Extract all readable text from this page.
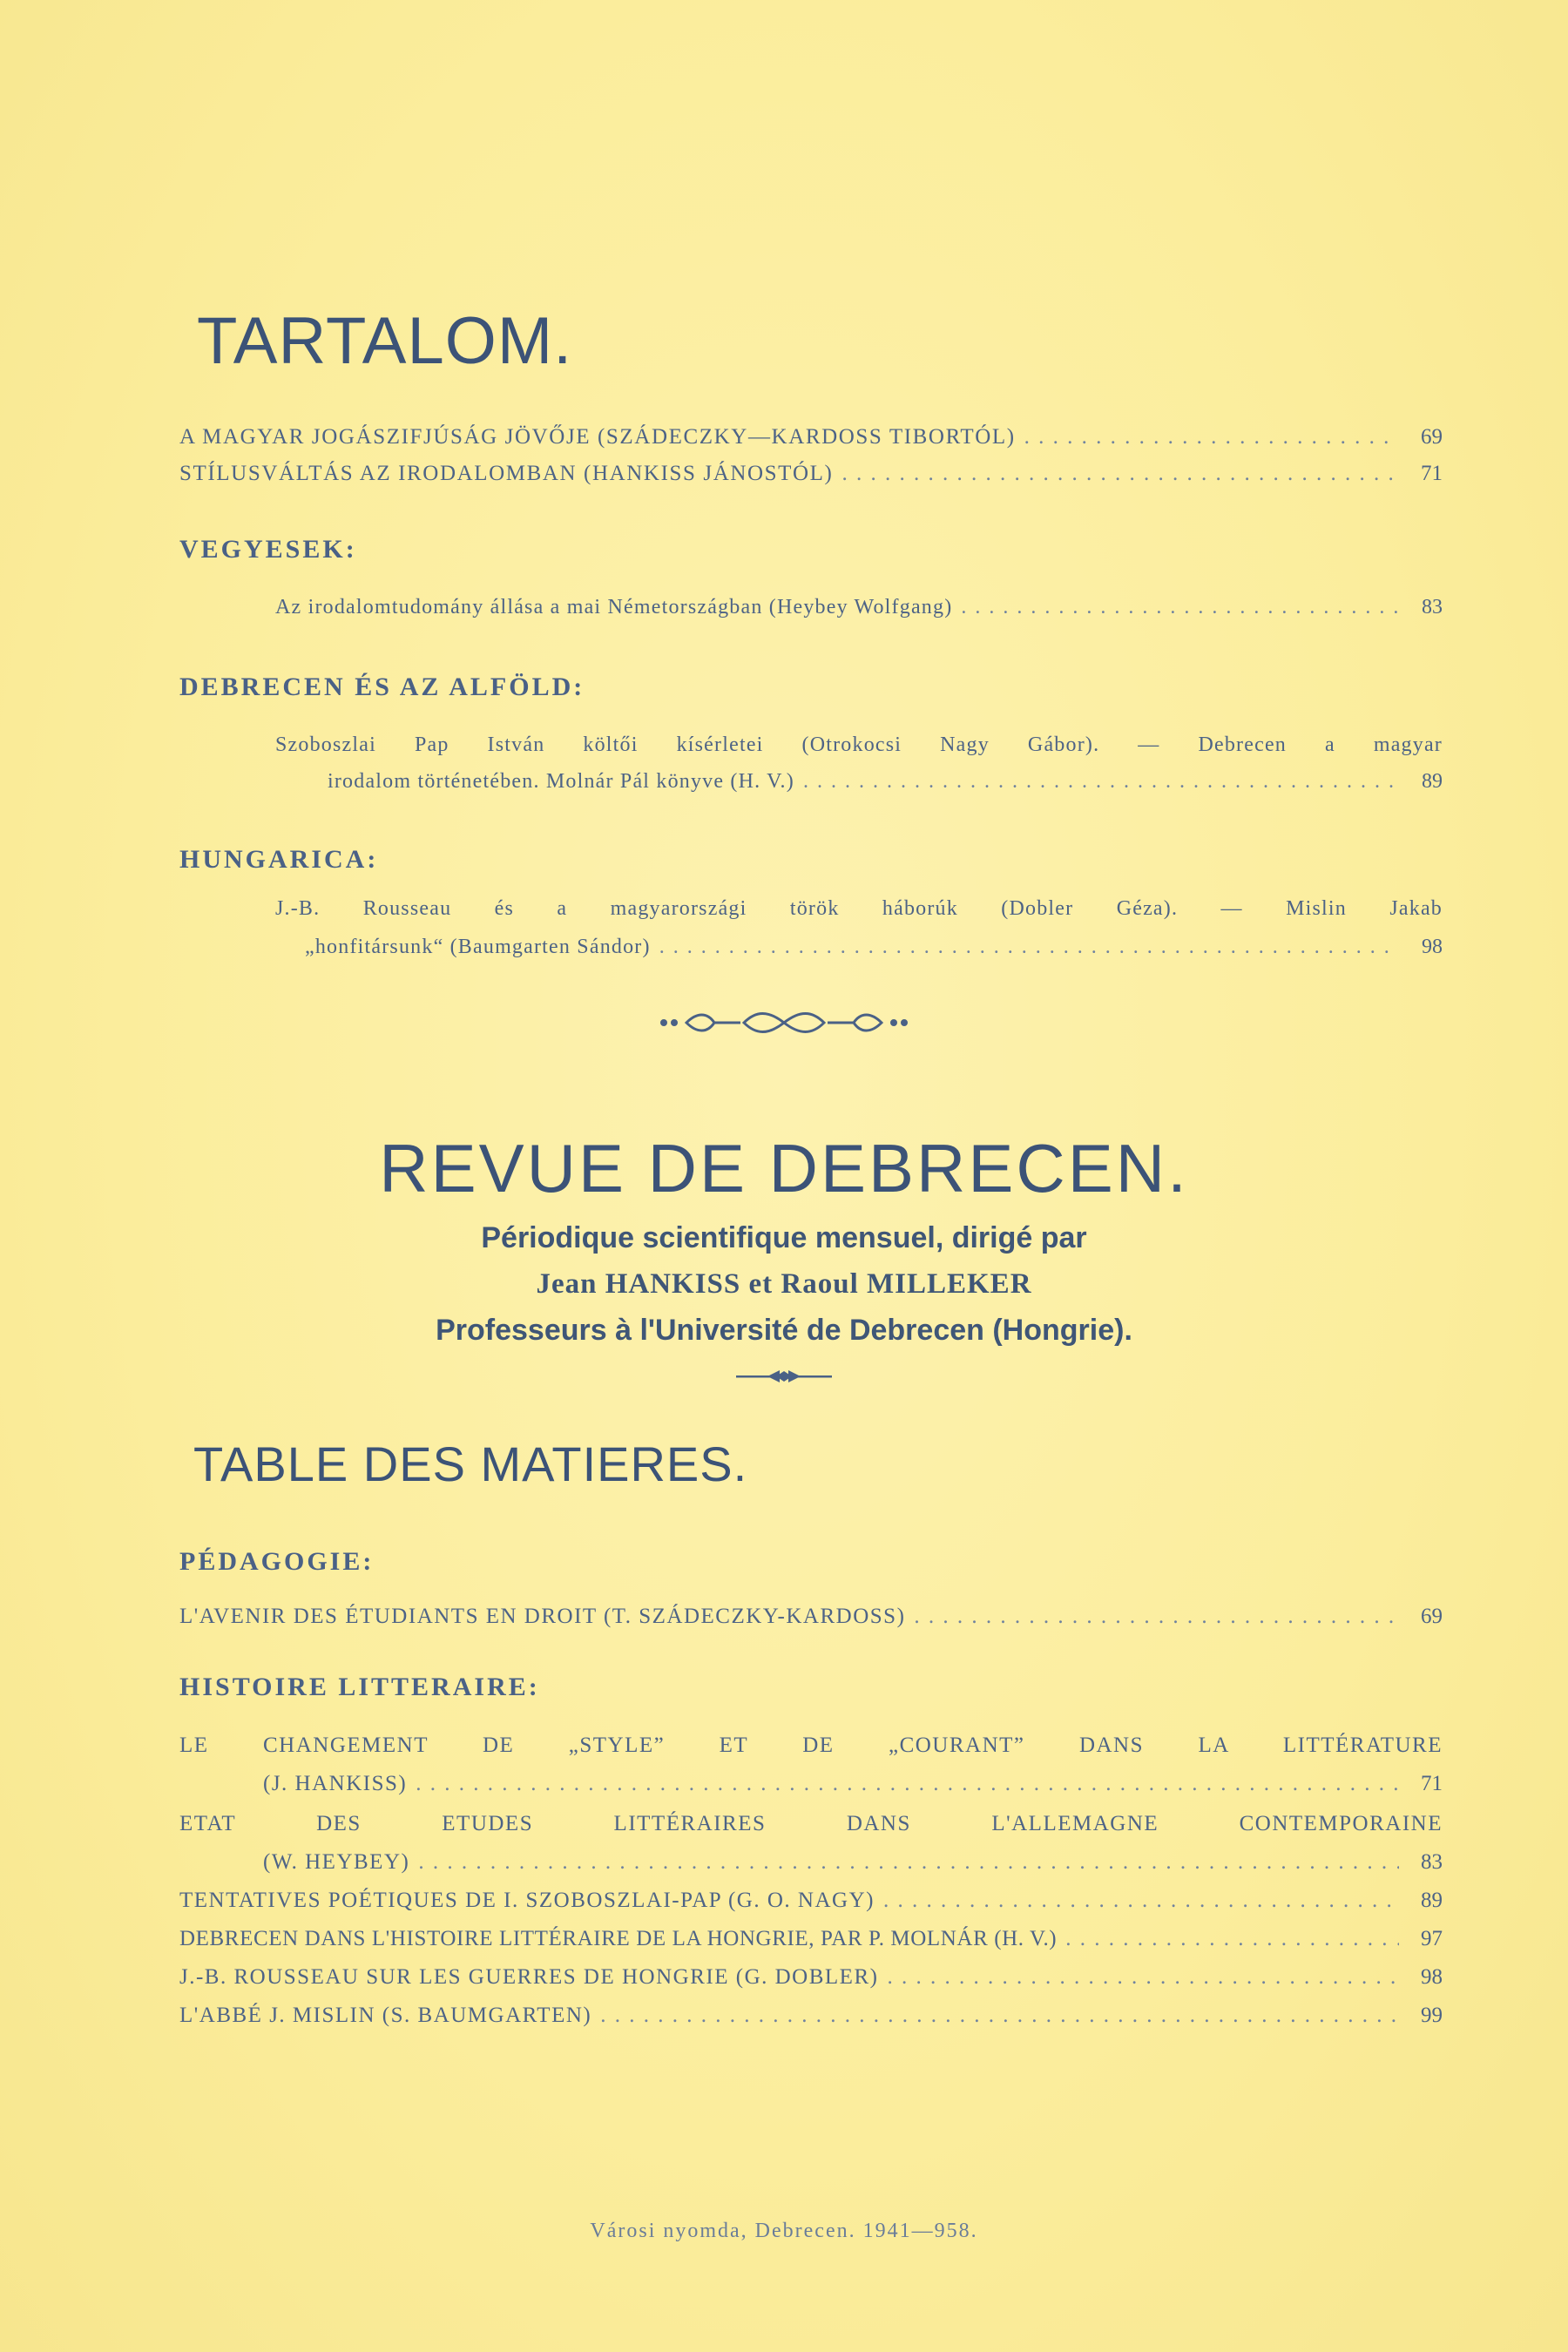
TARTALOM.
A MAGYAR JOGÁSZIFJÚSÁG JÖVŐJE (SZÁDECZKY—KARDOSS TIBORTÓL) . . .	69
STÍLUSVÁLTÁS AZ IRODALOMBAN (HANKISS JÁNOSTÓL) . . .	71
VEGYESEK:
Az irodalomtudomány állása a mai Németországban (Heybey Wolfgang) . . .	83
DEBRECEN ÉS AZ ALFÖLD:
Szoboszlai Pap István költői kísérletei (Otrokocsi Nagy Gábor). — Debrecen a magyar
irodalom történetében. Molnár Pál könyve (H. V.) . . .	89
HUNGARICA:
J.-B. Rousseau és a magyarországi török háborúk (Dobler Géza). — Mislin Jakab
„honfitársunk“ (Baumgarten Sándor) . . .	98
REVUE DE DEBRECEN.
Périodique scientifique mensuel, dirigé par
Jean HANKISS et Raoul MILLEKER
Professeurs à l'Université de Debrecen (Hongrie).
TABLE DES MATIERES.
PÉDAGOGIE:
L'AVENIR DES ÉTUDIANTS EN DROIT (T. SZÁDECZKY-KARDOSS) . . .	69
HISTOIRE LITTERAIRE:
LE CHANGEMENT DE „STYLE” ET DE „COURANT” DANS LA LITTÉRATURE
(J. HANKISS) . . .	71
ETAT DES ETUDES LITTÉRAIRES DANS L'ALLEMAGNE CONTEMPORAINE
(W. HEYBEY) . . .	83
TENTATIVES POÉTIQUES DE I. SZOBOSZLAI-PAP (G. O. NAGY) . . .	89
DEBRECEN DANS L'HISTOIRE LITTÉRAIRE DE LA HONGRIE, PAR P. MOLNÁR (H. V.) . . .	97
J.-B. ROUSSEAU SUR LES GUERRES DE HONGRIE (G. DOBLER) . . .	98
L'ABBÉ J. MISLIN (S. BAUMGARTEN) . . .	99
Városi nyomda, Debrecen. 1941—958.
